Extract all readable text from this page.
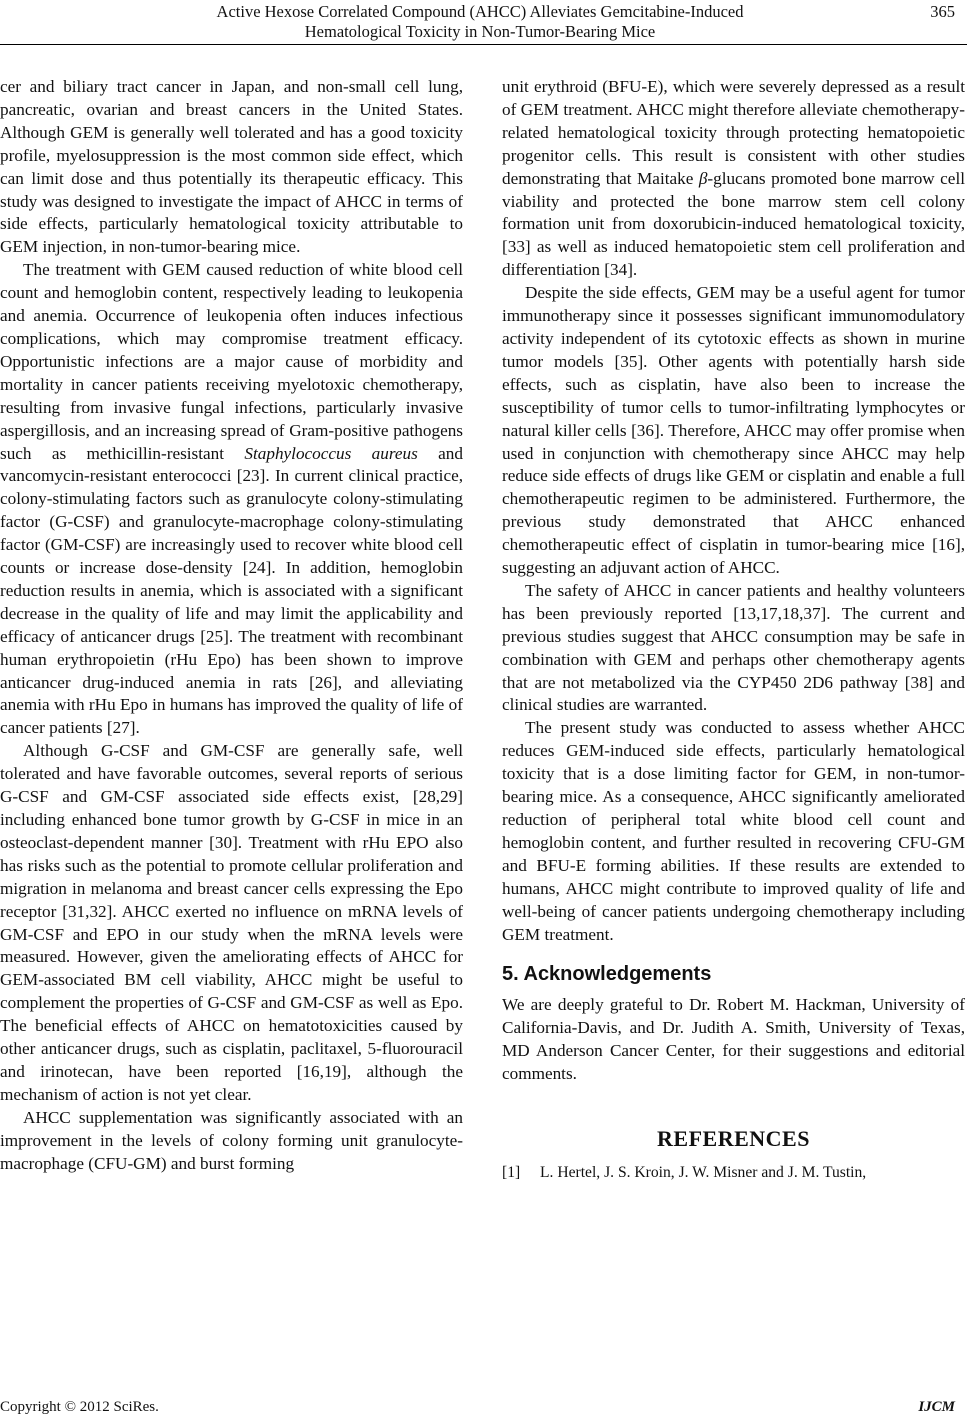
Active Hexose Correlated Compound (AHCC) Alleviates Gemcitabine-Induced
Hematological Toxicity in Non-Tumor-Bearing Mice
365

cer and biliary tract cancer in Japan, and non-small cell lung, pancreatic, ovarian and breast cancers in the United States. Although GEM is generally well tolerated and has a good toxicity profile, myelosuppression is the most common side effect, which can limit dose and thus potentially its therapeutic efficacy. This study was designed to investigate the impact of AHCC in terms of side effects, particularly hematological toxicity attributable to GEM injection, in non-tumor-bearing mice.

The treatment with GEM caused reduction of white blood cell count and hemoglobin content, respectively leading to leukopenia and anemia. Occurrence of leukopenia often induces infectious complications, which may compromise treatment efficacy. Opportunistic infections are a major cause of morbidity and mortality in cancer patients receiving myelotoxic chemotherapy, resulting from invasive fungal infections, particularly invasive aspergillosis, and an increasing spread of Gram-positive pathogens such as methicillin-resistant Staphylococcus aureus and vancomycin-resistant enterococci [23]. In current clinical practice, colony-stimulating factors such as granulocyte colony-stimulating factor (G-CSF) and granulocyte-macrophage colony-stimulating factor (GM-CSF) are increasingly used to recover white blood cell counts or increase dose-density [24]. In addition, hemoglobin reduction results in anemia, which is associated with a significant decrease in the quality of life and may limit the applicability and efficacy of anticancer drugs [25]. The treatment with recombinant human erythropoietin (rHu Epo) has been shown to improve anticancer drug-induced anemia in rats [26], and alleviating anemia with rHu Epo in humans has improved the quality of life of cancer patients [27].

Although G-CSF and GM-CSF are generally safe, well tolerated and have favorable outcomes, several reports of serious G-CSF and GM-CSF associated side effects exist, [28,29] including enhanced bone tumor growth by G-CSF in mice in an osteoclast-dependent manner [30]. Treatment with rHu EPO also has risks such as the potential to promote cellular proliferation and migration in melanoma and breast cancer cells expressing the Epo receptor [31,32]. AHCC exerted no influence on mRNA levels of GM-CSF and EPO in our study when the mRNA levels were measured. However, given the ameliorating effects of AHCC for GEM-associated BM cell viability, AHCC might be useful to complement the properties of G-CSF and GM-CSF as well as Epo. The beneficial effects of AHCC on hematotoxicities caused by other anticancer drugs, such as cisplatin, paclitaxel, 5-fluorouracil and irinotecan, have been reported [16,19], although the mechanism of action is not yet clear.

AHCC supplementation was significantly associated with an improvement in the levels of colony forming unit granulocyte-macrophage (CFU-GM) and burst forming

unit erythroid (BFU-E), which were severely depressed as a result of GEM treatment. AHCC might therefore alleviate chemotherapy-related hematological toxicity through protecting hematopoietic progenitor cells. This result is consistent with other studies demonstrating that Maitake β-glucans promoted bone marrow cell viability and protected the bone marrow stem cell colony formation unit from doxorubicin-induced hematological toxicity, [33] as well as induced hematopoietic stem cell proliferation and differentiation [34].

Despite the side effects, GEM may be a useful agent for tumor immunotherapy since it possesses significant immunomodulatory activity independent of its cytotoxic effects as shown in murine tumor models [35]. Other agents with potentially harsh side effects, such as cisplatin, have also been to increase the susceptibility of tumor cells to tumor-infiltrating lymphocytes or natural killer cells [36]. Therefore, AHCC may offer promise when used in conjunction with chemotherapy since AHCC may help reduce side effects of drugs like GEM or cisplatin and enable a full chemotherapeutic regimen to be administered. Furthermore, the previous study demonstrated that AHCC enhanced chemotherapeutic effect of cisplatin in tumor-bearing mice [16], suggesting an adjuvant action of AHCC.

The safety of AHCC in cancer patients and healthy volunteers has been previously reported [13,17,18,37]. The current and previous studies suggest that AHCC consumption may be safe in combination with GEM and perhaps other chemotherapy agents that are not metabolized via the CYP450 2D6 pathway [38] and clinical studies are warranted.

The present study was conducted to assess whether AHCC reduces GEM-induced side effects, particularly hematological toxicity that is a dose limiting factor for GEM, in non-tumor-bearing mice. As a consequence, AHCC significantly ameliorated reduction of peripheral total white blood cell count and hemoglobin content, and further resulted in recovering CFU-GM and BFU-E forming abilities. If these results are extended to humans, AHCC might contribute to improved quality of life and well-being of cancer patients undergoing chemotherapy including GEM treatment.

5. Acknowledgements

We are deeply grateful to Dr. Robert M. Hackman, University of California-Davis, and Dr. Judith A. Smith, University of Texas, MD Anderson Cancer Center, for their suggestions and editorial comments.

REFERENCES
[1]	L. Hertel, J. S. Kroin, J. W. Misner and J. M. Tustin,
Copyright © 2012 SciRes.	IJCM
